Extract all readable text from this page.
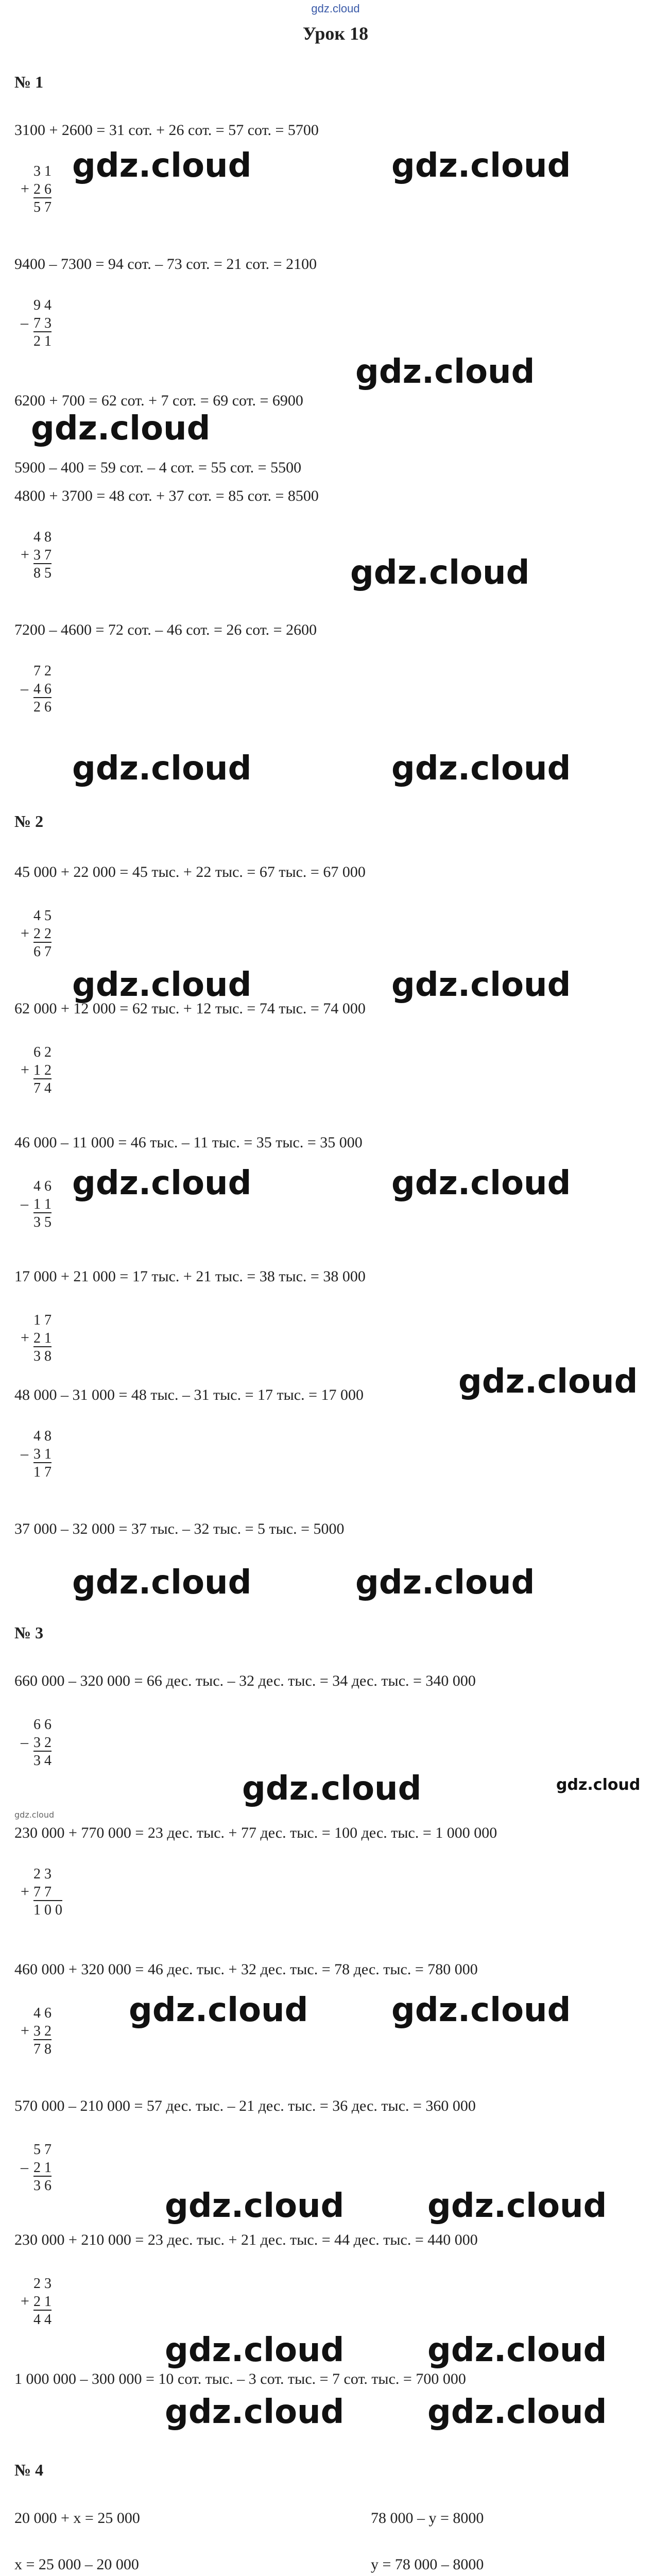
gdz.cloud
Урок 18
№ 1
3100 + 2600 = 31 сот. + 26 сот. = 57 сот. = 5700
gdz.cloud	gdz.cloud
+
3 1
2 6
5 7
9400 – 7300 = 94 сот. – 73 сот. = 21 сот. = 2100
–
9 4
7 3
2 1
gdz.cloud
6200 + 700 = 62 сот. + 7 сот. = 69 сот. = 6900
gdz.cloud
5900 – 400 = 59 сот. – 4 сот. = 55 сот. = 5500
4800 + 3700 = 48 сот. + 37 сот. = 85 сот. = 8500
+
4 8
3 7
8 5	gdz.cloud
7200 – 4600 = 72 сот. – 46 сот. = 26 сот. = 2600
–
7 2
4 6
2 6
gdz.cloud	gdz.cloud
№ 2
45 000 + 22 000 = 45 тыс. + 22 тыс. = 67 тыс. = 67 000
+
4 5
2 2
6 7
gdz.cloud	gdz.cloud
62 000 + 12 000 = 62 тыс. + 12 тыс. = 74 тыс. = 74 000
+
6 2
1 2
7 4
46 000 – 11 000 = 46 тыс. – 11 тыс. = 35 тыс. = 35 000
gdz.cloud	gdz.cloud
–
4 6
1 1
3 5
17 000 + 21 000 = 17 тыс. + 21 тыс. = 38 тыс. = 38 000
+
1 7
2 1
3 8
gdz.cloud
48 000 – 31 000 = 48 тыс. – 31 тыс. = 17 тыс. = 17 000
–
4 8
3 1
1 7
37 000 – 32 000 = 37 тыс. – 32 тыс. = 5 тыс. = 5000
gdz.cloud	gdz.cloud
№ 3
660 000 – 320 000 = 66 дес. тыс. – 32 дес. тыс. = 34 дес. тыс. = 340 000
–
6 6
3 2
3 4
gdz.cloud	gdz.cloud
gdz.cloud
230 000 + 770 000 = 23 дес. тыс. + 77 дес. тыс. = 100 дес. тыс. = 1 000 000
+
2 3
7 7
1 0 0
460 000 + 320 000 = 46 дес. тыс. + 32 дес. тыс. = 78 дес. тыс. = 780 000
gdz.cloud	gdz.cloud
+
4 6
3 2
7 8
570 000 – 210 000 = 57 дес. тыс. – 21 дес. тыс. = 36 дес. тыс. = 360 000
–
5 7
2 1
3 6
gdz.cloud	gdz.cloud
230 000 + 210 000 = 23 дес. тыс. + 21 дес. тыс. = 44 дес. тыс. = 440 000
+
2 3
2 1
4 4
gdz.cloud	gdz.cloud
1 000 000 – 300 000 = 10 сот. тыс. – 3 сот. тыс. = 7 сот. тыс. = 700 000
gdz.cloud	gdz.cloud
№ 4
20 000 + x = 25 000
x = 25 000 – 20 000
78 000 – y = 8000
y = 78 000 – 8000
